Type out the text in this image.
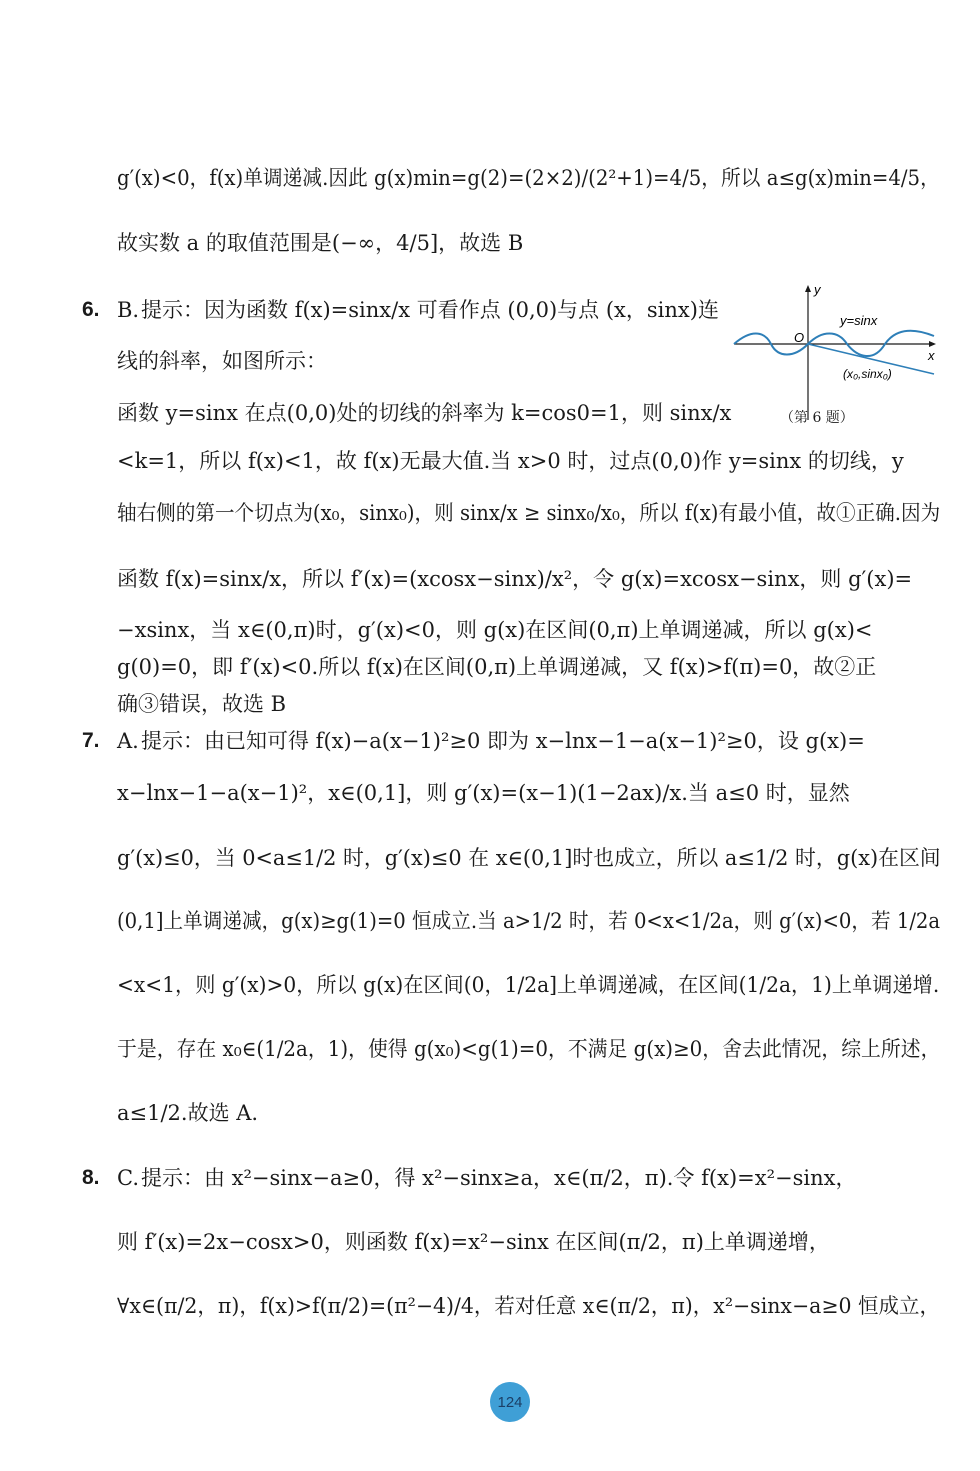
g′(x)<0，f(x)单调递减.因此 g(x)min=g(2)=(2×2)/(2²+1)=4/5，所以 a≤g(x)min=4/5，
故实数 a 的取值范围是(−∞，4/5]，故选 B
6. B. 提示：因为函数 f(x)=sinx/x 可看作点 (0,0)与点 (x，sinx)连
线的斜率，如图所示：
函数 y=sinx 在点(0,0)处的切线的斜率为 k=cos0=1，则 sinx/x
<k=1，所以 f(x)<1，故 f(x)无最大值.当 x>0 时，过点(0,0)作 y=sinx 的切线，y
轴右侧的第一个切点为(x₀，sinx₀)，则 sinx/x ≥ sinx₀/x₀，所以 f(x)有最小值，故①正确.因为
函数 f(x)=sinx/x，所以 f′(x)=(xcosx−sinx)/x²，令 g(x)=xcosx−sinx，则 g′(x)=
−xsinx，当 x∈(0,π)时，g′(x)<0，则 g(x)在区间(0,π)上单调递减，所以 g(x)<
g(0)=0，即 f′(x)<0.所以 f(x)在区间(0,π)上单调递减，又 f(x)>f(π)=0，故②正
确③错误，故选 B
7. A. 提示：由已知可得 f(x)−a(x−1)²≥0 即为 x−lnx−1−a(x−1)²≥0，设 g(x)=
x−lnx−1−a(x−1)²，x∈(0,1]，则 g′(x)=(x−1)(1−2ax)/x.当 a≤0 时，显然
g′(x)≤0，当 0<a≤1/2 时，g′(x)≤0 在 x∈(0,1]时也成立，所以 a≤1/2 时，g(x)在区间
(0,1]上单调递减，g(x)≥g(1)=0 恒成立.当 a>1/2 时，若 0<x<1/2a，则 g′(x)<0，若 1/2a
<x<1，则 g′(x)>0，所以 g(x)在区间(0，1/2a]上单调递减，在区间(1/2a，1)上单调递增.
于是，存在 x₀∈(1/2a，1)，使得 g(x₀)<g(1)=0，不满足 g(x)≥0，舍去此情况，综上所述，
a≤1/2.故选 A.
8. C. 提示：由 x²−sinx−a≥0，得 x²−sinx≥a，x∈(π/2，π).令 f(x)=x²−sinx，
则 f′(x)=2x−cosx>0，则函数 f(x)=x²−sinx 在区间(π/2，π)上单调递增，
∀x∈(π/2，π)，f(x)>f(π/2)=(π²−4)/4，若对任意 x∈(π/2，π)，x²−sinx−a≥0 恒成立，
y
x
O
y=sinx
(x₀,sinx₀)
（第 6 题）
124
